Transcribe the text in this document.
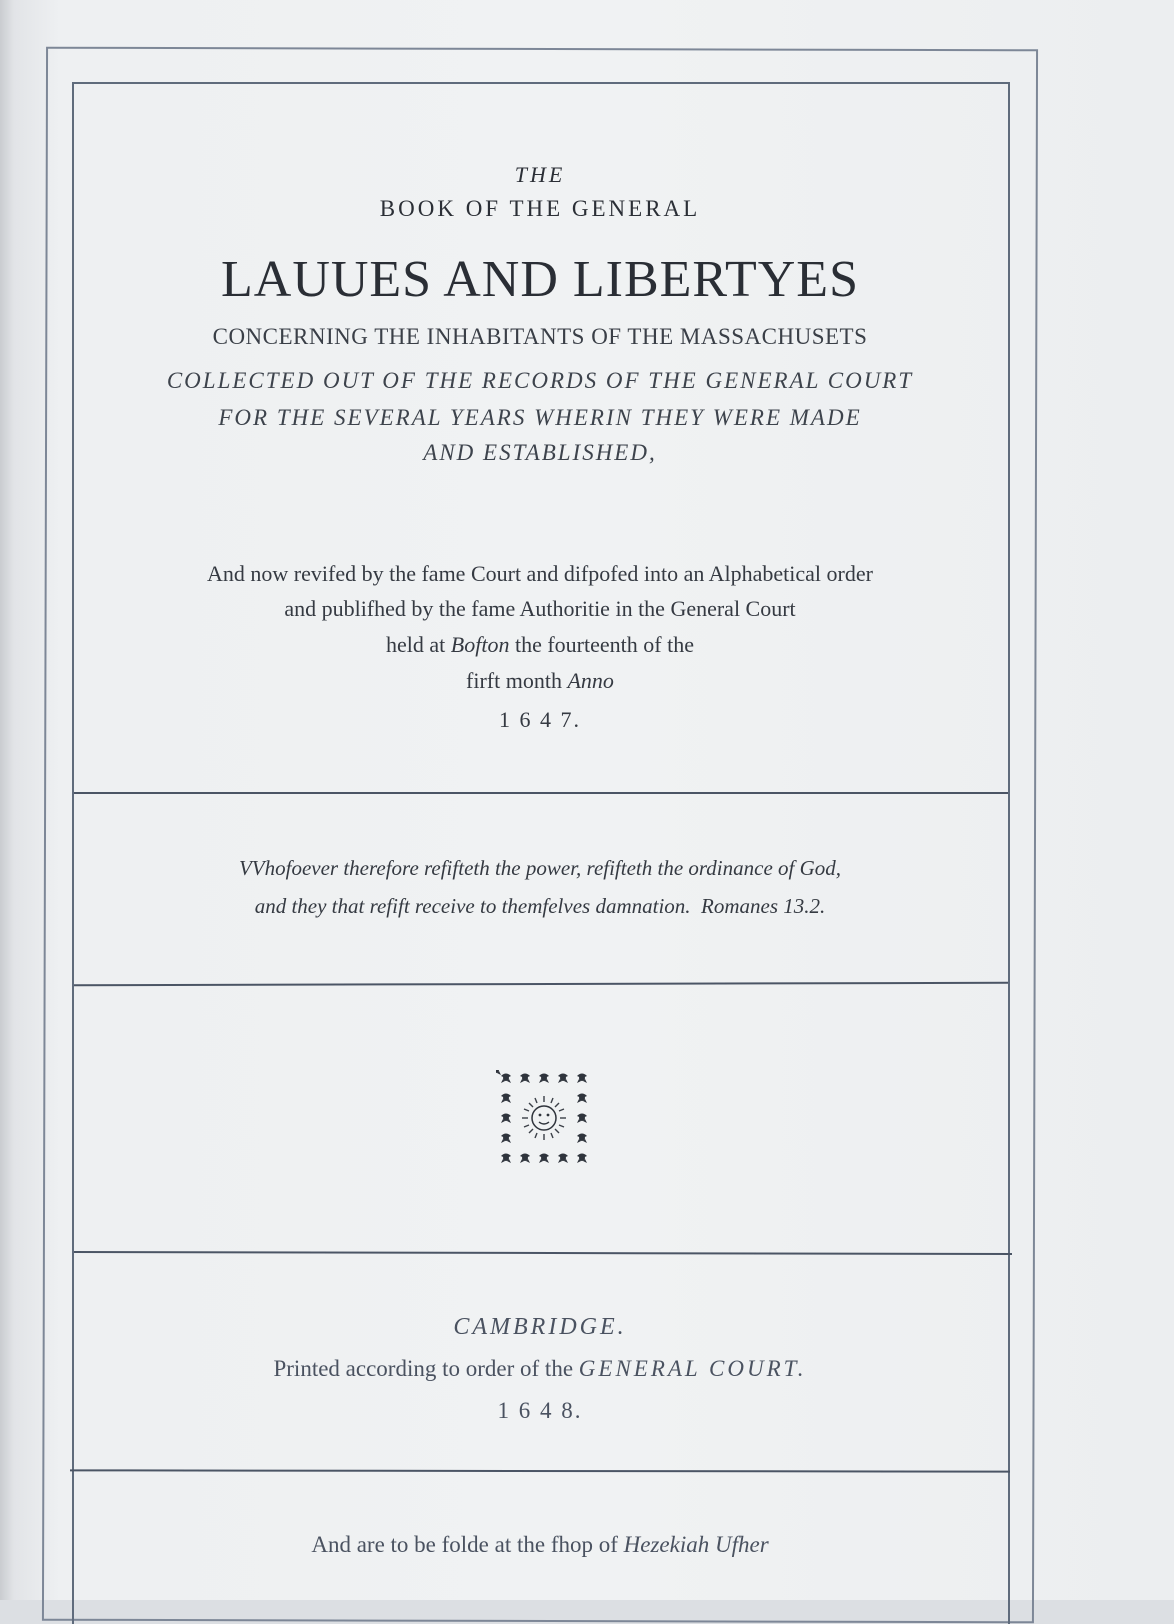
THE
BOOK OF THE GENERAL
LAUUES AND LIBERTYES
CONCERNING THE INHABITANTS OF THE MASSACHUSETS
COLLECTED OUT OF THE RECORDS OF THE GENERAL COURT
FOR THE SEVERAL YEARS WHERIN THEY WERE MADE
AND ESTABLISHED,
And now revifed by the fame Court and difpofed into an Alphabetical order
and publifhed by the fame Authoritie in the General Court
held at Bofton the fourteenth of the
firft month Anno
1 6 4 7.
VVhofoever therefore refifteth the power, refifteth the ordinance of God,
and they that refift receive to themfelves damnation. Romanes 13.2.
CAMBRIDGE.
Printed according to order of the GENERAL COURT.
1 6 4 8.
And are to be folde at the fhop of Hezekiah Ufher
